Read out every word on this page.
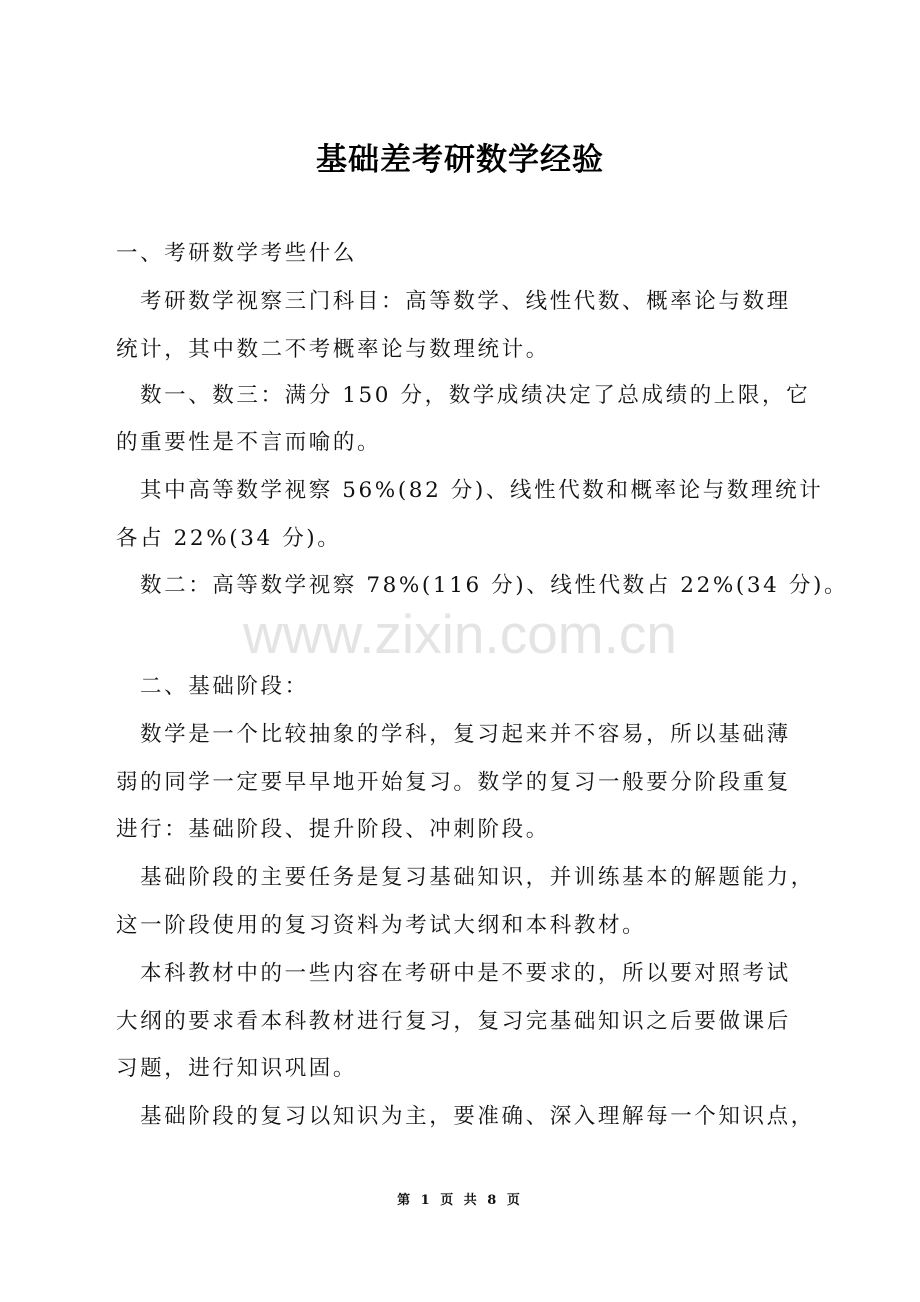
www.zixin.com.cn
基础差考研数学经验
一、考研数学考些什么
考研数学视察三门科目：高等数学、线性代数、概率论与数理
统计，其中数二不考概率论与数理统计。
数一、数三：满分 150 分，数学成绩决定了总成绩的上限，它
的重要性是不言而喻的。
其中高等数学视察 56%(82 分)、线性代数和概率论与数理统计
各占 22%(34 分)。
数二：高等数学视察 78%(116 分)、线性代数占 22%(34 分)。
二、基础阶段：
数学是一个比较抽象的学科，复习起来并不容易，所以基础薄
弱的同学一定要早早地开始复习。数学的复习一般要分阶段重复
进行：基础阶段、提升阶段、冲刺阶段。
基础阶段的主要任务是复习基础知识，并训练基本的解题能力，
这一阶段使用的复习资料为考试大纲和本科教材。
本科教材中的一些内容在考研中是不要求的，所以要对照考试
大纲的要求看本科教材进行复习，复习完基础知识之后要做课后
习题，进行知识巩固。
基础阶段的复习以知识为主，要准确、深入理解每一个知识点，
第 1 页 共 8 页
